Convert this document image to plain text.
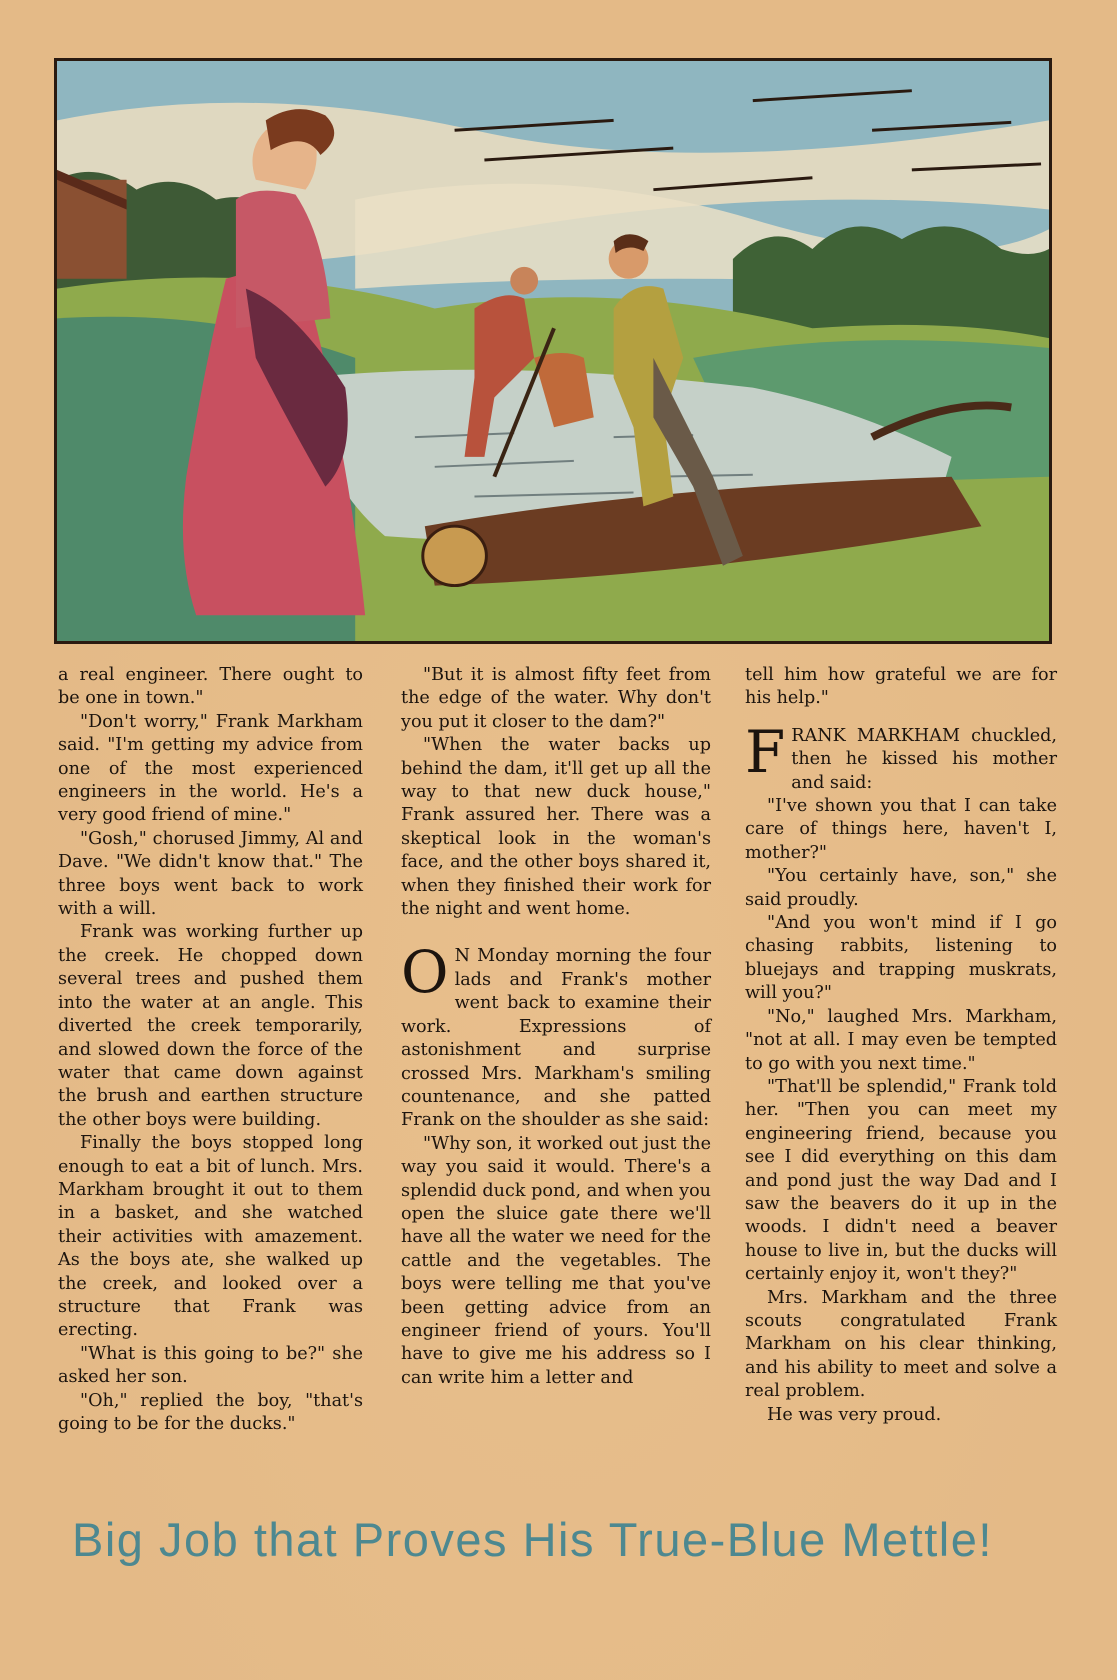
a real engineer. There ought to be one in town."

"Don't worry," Frank Markham said. "I'm getting my advice from one of the most experienced engineers in the world. He's a very good friend of mine."

"Gosh," chorused Jimmy, Al and Dave. "We didn't know that." The three boys went back to work with a will.

Frank was working further up the creek. He chopped down several trees and pushed them into the water at an angle. This diverted the creek temporarily, and slowed down the force of the water that came down against the brush and earthen structure the other boys were building.

Finally the boys stopped long enough to eat a bit of lunch. Mrs. Markham brought it out to them in a basket, and she watched their activities with amazement. As the boys ate, she walked up the creek, and looked over a structure that Frank was erecting.

"What is this going to be?" she asked her son.

"Oh," replied the boy, "that's going to be for the ducks."

"But it is almost fifty feet from the edge of the water. Why don't you put it closer to the dam?"

"When the water backs up behind the dam, it'll get up all the way to that new duck house," Frank assured her. There was a skeptical look in the woman's face, and the other boys shared it, when they finished their work for the night and went home.

O N Monday morning the four lads and Frank's mother went back to examine their work. Expressions of astonishment and surprise crossed Mrs. Markham's smiling countenance, and she patted Frank on the shoulder as she said:

"Why son, it worked out just the way you said it would. There's a splendid duck pond, and when you open the sluice gate there we'll have all the water we need for the cattle and the vegetables. The boys were telling me that you've been getting advice from an engineer friend of yours. You'll have to give me his address so I can write him a letter and

tell him how grateful we are for his help."

FRANK MARKHAM chuckled, then he kissed his mother and said:

"I've shown you that I can take care of things here, haven't I, mother?"

"You certainly have, son," she said proudly.

"And you won't mind if I go chasing rabbits, listening to bluejays and trapping muskrats, will you?"

"No," laughed Mrs. Markham, "not at all. I may even be tempted to go with you next time."

"That'll be splendid," Frank told her. "Then you can meet my engineering friend, because you see I did everything on this dam and pond just the way Dad and I saw the beavers do it up in the woods. I didn't need a beaver house to live in, but the ducks will certainly enjoy it, won't they?"

Mrs. Markham and the three scouts congratulated Frank Markham on his clear thinking, and his ability to meet and solve a real problem.

He was very proud.

Big Job that Proves His True-Blue Mettle!
